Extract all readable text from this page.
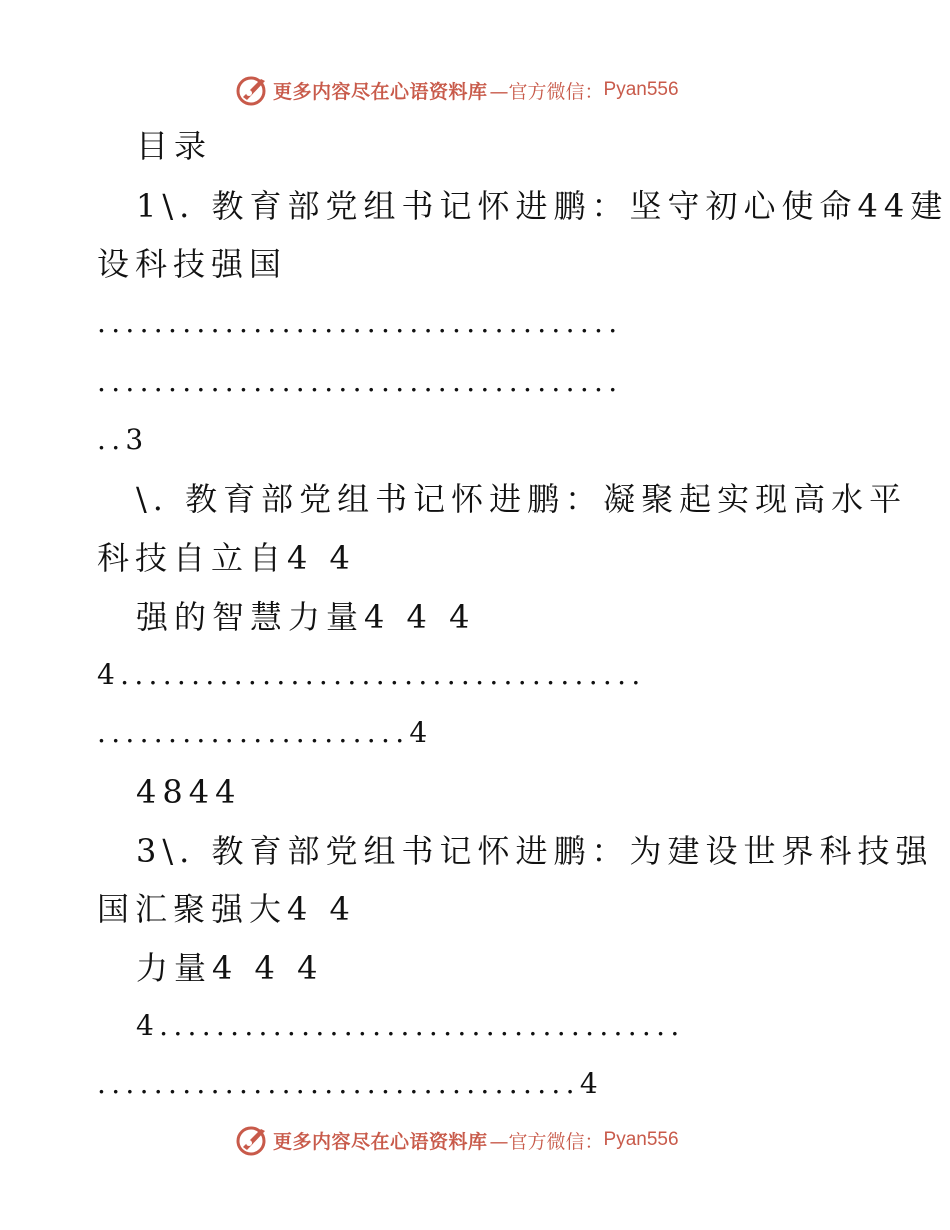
更多内容尽在心语资料库 —官方微信： Pyan556
目录
1\. 教育部党组书记怀进鹏：坚守初心使命44建
设科技强国
.....................................
.....................................
..3
\. 教育部党组书记怀进鹏：凝聚起实现高水平
科技自立自4 4
强的智慧力量4 4 4
4.....................................
......................4
4844
3\. 教育部党组书记怀进鹏：为建设世界科技强
国汇聚强大4 4
力量4 4 4
4.....................................
..................................4
更多内容尽在心语资料库 —官方微信： Pyan556
